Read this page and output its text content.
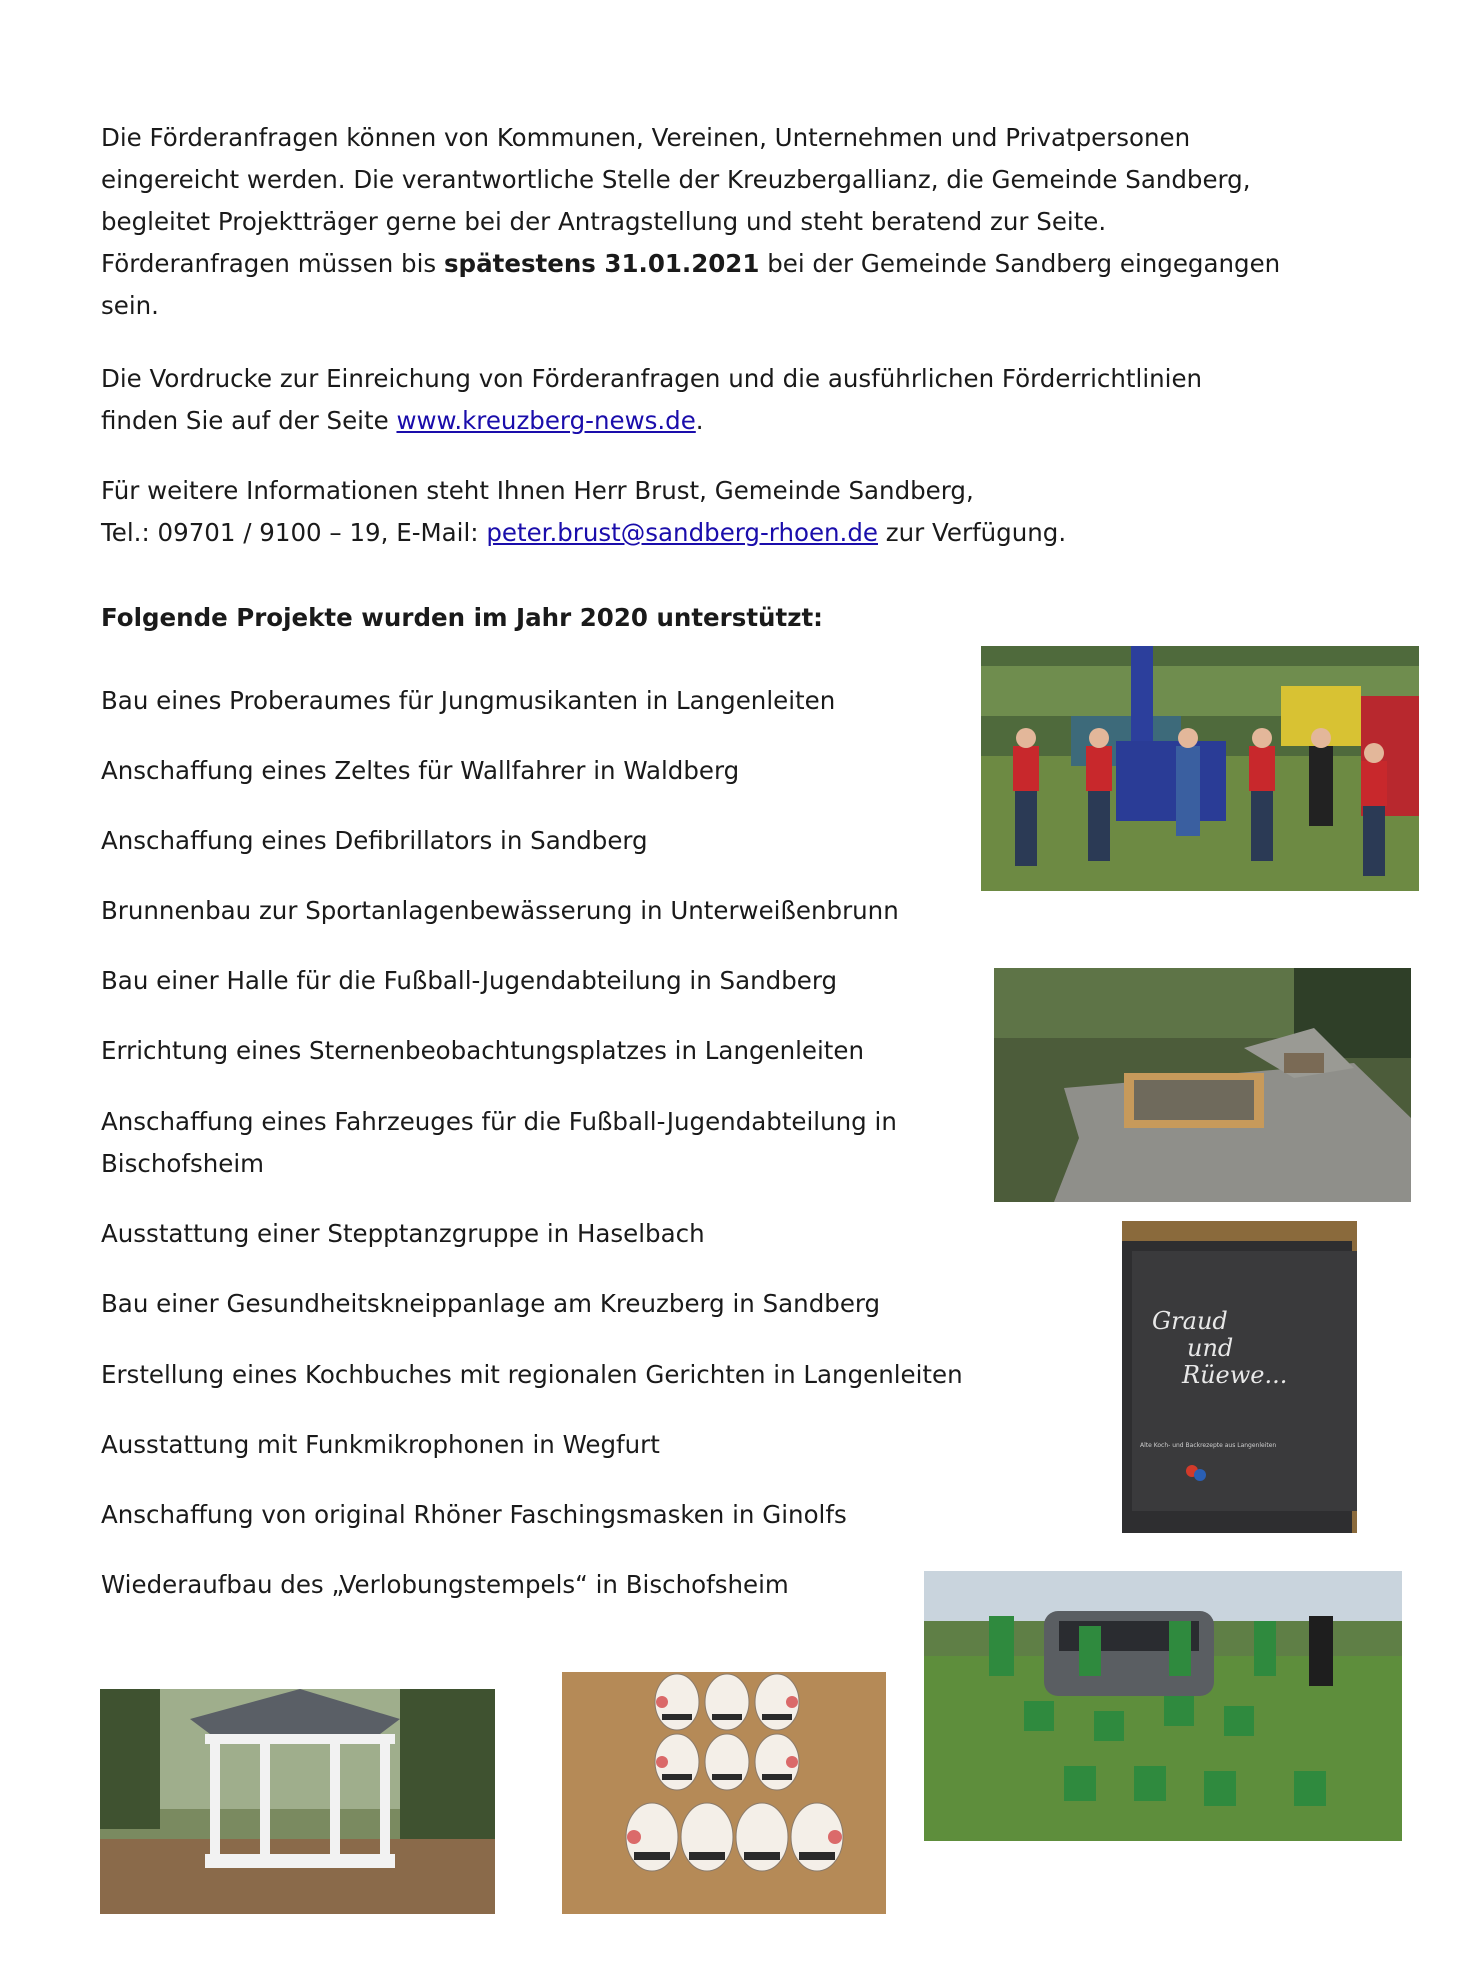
Die Förderanfragen können von Kommunen, Vereinen, Unternehmen und Privatpersonen eingereicht werden. Die verantwortliche Stelle der Kreuzbergallianz, die Gemeinde Sandberg, begleitet Projektträger gerne bei der Antragstellung und steht beratend zur Seite. Förderanfragen müssen bis spätestens 31.01.2021 bei der Gemeinde Sandberg eingegangen sein.

Die Vordrucke zur Einreichung von Förderanfragen und die ausführlichen Förderrichtlinien finden Sie auf der Seite www.kreuzberg-news.de.

Für weitere Informationen steht Ihnen Herr Brust, Gemeinde Sandberg,
Tel.: 09701 / 9100 – 19, E-Mail: peter.brust@sandberg-rhoen.de zur Verfügung.

Folgende Projekte wurden im Jahr 2020 unterstützt:

Bau eines Proberaumes für Jungmusikanten in Langenleiten

Anschaffung eines Zeltes für Wallfahrer in Waldberg

Anschaffung eines Defibrillators in Sandberg

Brunnenbau zur Sportanlagenbewässerung in Unterweißenbrunn

Bau einer Halle für die Fußball-Jugendabteilung in Sandberg

Errichtung eines Sternenbeobachtungsplatzes in Langenleiten

Anschaffung eines Fahrzeuges für die Fußball-Jugendabteilung in Bischofsheim

Ausstattung einer Stepptanzgruppe in Haselbach

Bau einer Gesundheitskneippanlage am Kreuzberg in Sandberg

Erstellung eines Kochbuches mit regionalen Gerichten in Langenleiten

Ausstattung mit Funkmikrophonen in Wegfurt

Anschaffung von original Rhöner Faschingsmasken in Ginolfs

Wiederaufbau des „Verlobungstempels“ in Bischofsheim

Graud
und
Rüewe...
Alte Koch- und Backrezepte aus Langenleiten
